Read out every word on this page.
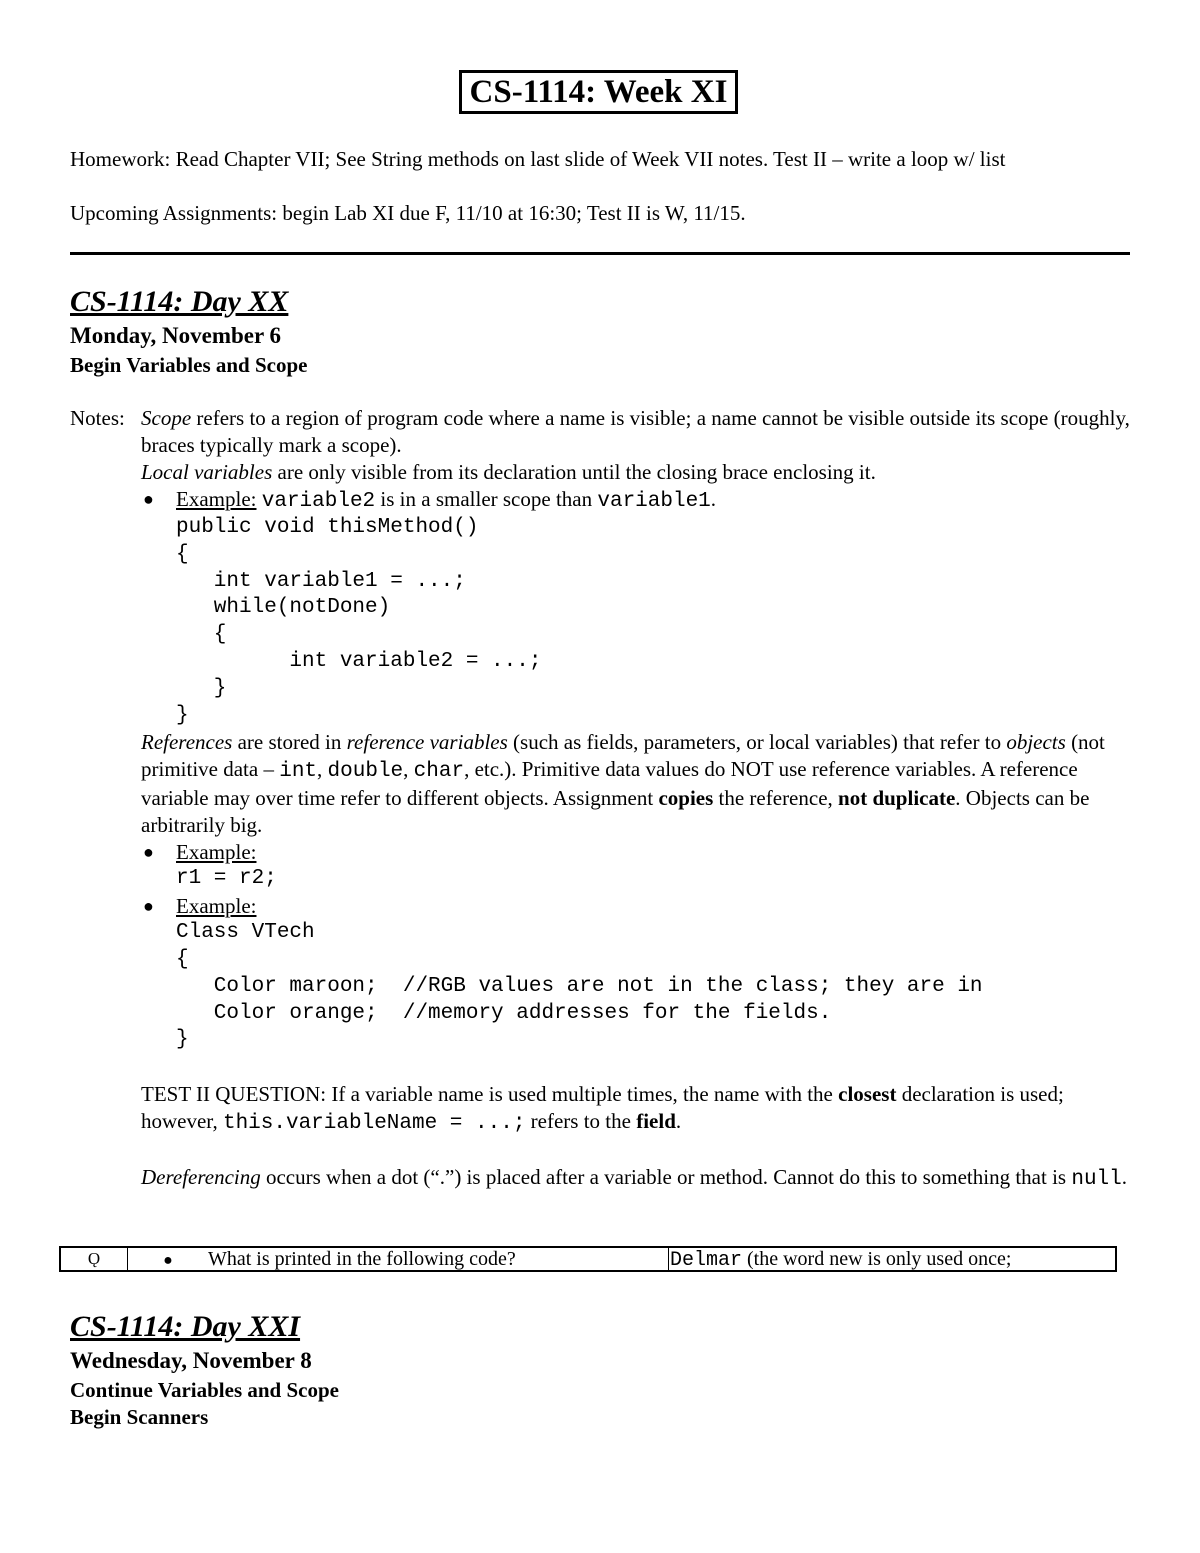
CS-1114: Week XI
Homework: Read Chapter VII; See String methods on last slide of Week VII notes. Test II – write a loop w/ list
Upcoming Assignments: begin Lab XI due F, 11/10 at 16:30; Test II is W, 11/15.
CS-1114: Day XX
Monday, November 6
Begin Variables and Scope
Notes: Scope refers to a region of program code where a name is visible; a name cannot be visible outside its scope (roughly, braces typically mark a scope).

Local variables are only visible from its declaration until the closing brace enclosing it.

● Example: variable2 is in a smaller scope than variable1.
public void thisMethod()
{
int variable1 = ...;
while(notDone)
{
int variable2 = ...;
}
}

References are stored in reference variables (such as fields, parameters, or local variables) that refer to objects (not primitive data – int, double, char, etc.). Primitive data values do NOT use reference variables. A reference variable may over time refer to different objects. Assignment copies the reference, not duplicate. Objects can be arbitrarily big.

● Example:
r1 = r2;
● Example:
Class VTech
{
Color maroon;  //RGB values are not in the class; they are in
Color orange;  //memory addresses for the fields.
}

TEST II QUESTION: If a variable name is used multiple times, the name with the closest declaration is used; however, this.variableName = ...; refers to the field.

Dereferencing occurs when a dot (“.”) is placed after a variable or method. Cannot do this to something that is null.

Ǫ	● What is printed in the following code?	Delmar (the word new is only used once;
CS-1114: Day XXI
Wednesday, November 8
Continue Variables and Scope
Begin Scanners
